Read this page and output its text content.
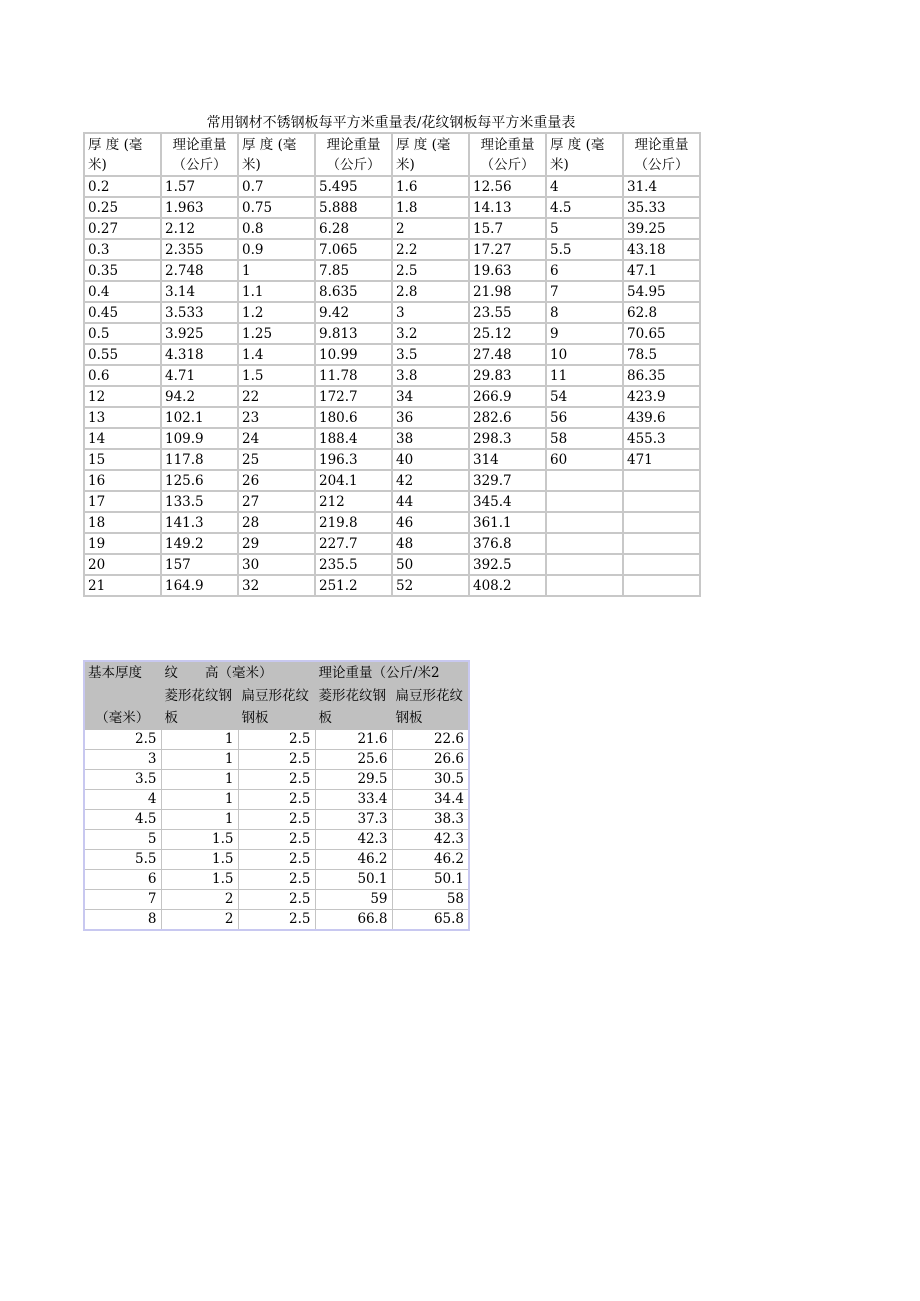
常用钢材不锈钢板每平方米重量表/花纹钢板每平方米重量表
厚 度 (毫米)	理论重量（公斤）	厚 度 (毫米)	理论重量（公斤）	厚 度 (毫米)	理论重量（公斤）	厚 度 (毫米)	理论重量（公斤）
0.2	1.57	0.7	5.495	1.6	12.56	4	31.4
0.25	1.963	0.75	5.888	1.8	14.13	4.5	35.33
0.27	2.12	0.8	6.28	2	15.7	5	39.25
0.3	2.355	0.9	7.065	2.2	17.27	5.5	43.18
0.35	2.748	1	7.85	2.5	19.63	6	47.1
0.4	3.14	1.1	8.635	2.8	21.98	7	54.95
0.45	3.533	1.2	9.42	3	23.55	8	62.8
0.5	3.925	1.25	9.813	3.2	25.12	9	70.65
0.55	4.318	1.4	10.99	3.5	27.48	10	78.5
0.6	4.71	1.5	11.78	3.8	29.83	11	86.35
12	94.2	22	172.7	34	266.9	54	423.9
13	102.1	23	180.6	36	282.6	56	439.6
14	109.9	24	188.4	38	298.3	58	455.3
15	117.8	25	196.3	40	314	60	471
16	125.6	26	204.1	42	329.7		
17	133.5	27	212	44	345.4		
18	141.3	28	219.8	46	361.1		
19	149.2	29	227.7	48	376.8		
20	157	30	235.5	50	392.5		
21	164.9	32	251.2	52	408.2		
基本厚度	纹　　高（毫米）		理论重量（公斤/米2	
（毫米）	菱形花纹钢板	扁豆形花纹钢板	菱形花纹钢板	扁豆形花纹钢板
2.5	1	2.5	21.6	22.6
3	1	2.5	25.6	26.6
3.5	1	2.5	29.5	30.5
4	1	2.5	33.4	34.4
4.5	1	2.5	37.3	38.3
5	1.5	2.5	42.3	42.3
5.5	1.5	2.5	46.2	46.2
6	1.5	2.5	50.1	50.1
7	2	2.5	59	58
8	2	2.5	66.8	65.8
